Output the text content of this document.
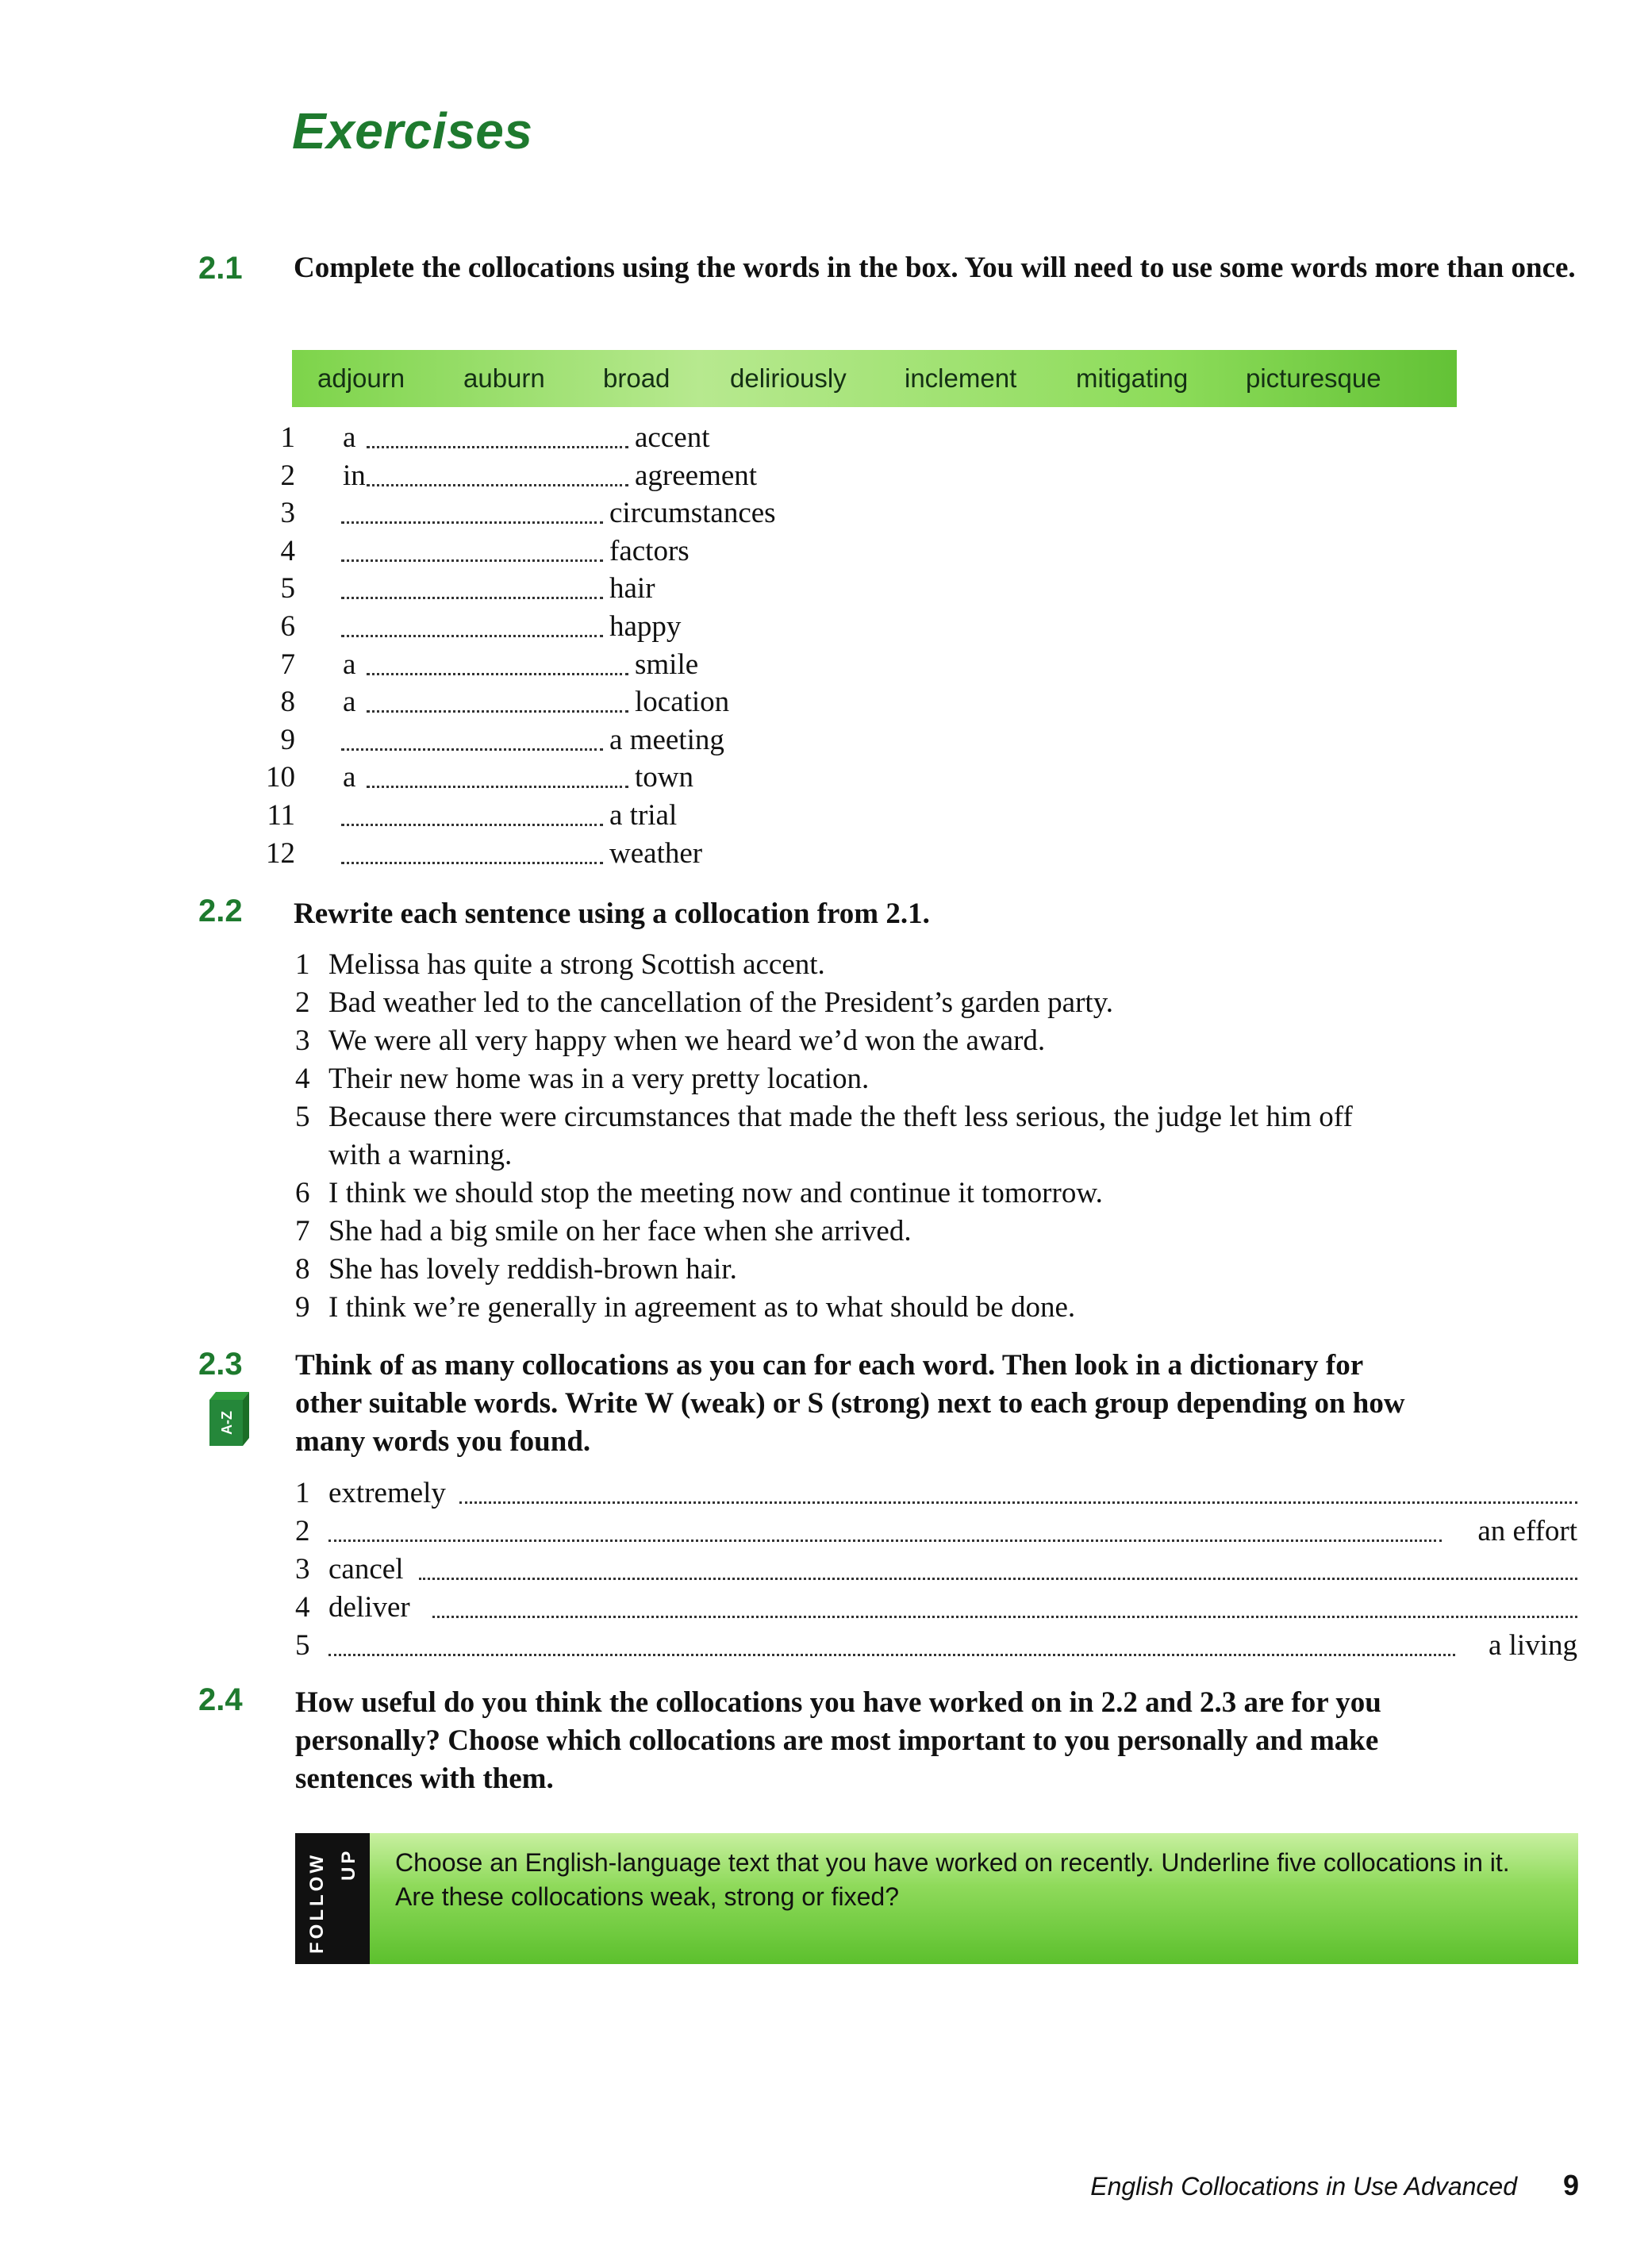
Exercises
2.1 Complete the collocations using the words in the box. You will need to use some words more than once.
adjourn auburn broad deliriously inclement mitigating picturesque
1 a	accent
2 in	agreement
3	circumstances
4	factors
5	hair
6	happy
7 a	smile
8 a	location
9	a meeting
10 a	town
11	a trial
12	weather
2.2 Rewrite each sentence using a collocation from 2.1.
1 Melissa has quite a strong Scottish accent.
2 Bad weather led to the cancellation of the President’s garden party.
3 We were all very happy when we heard we’d won the award.
4 Their new home was in a very pretty location.
5 Because there were circumstances that made the theft less serious, the judge let him off
with a warning.
6 I think we should stop the meeting now and continue it tomorrow.
7 She had a big smile on her face when she arrived.
8 She has lovely reddish-brown hair.
9 I think we’re generally in agreement as to what should be done.
2.3
A-Z
Think of as many collocations as you can for each word. Then look in a dictionary for
other suitable words. Write W (weak) or S (strong) next to each group depending on how
many words you found.
1 extremely
2	an effort
3 cancel
4 deliver
5	a living
2.4 How useful do you think the collocations you have worked on in 2.2 and 2.3 are for you
personally? Choose which collocations are most important to you personally and make
sentences with them.
FOLLOW UP Choose an English-language text that you have worked on recently. Underline five collocations in it.
Are these collocations weak, strong or fixed?
English Collocations in Use Advanced 9
